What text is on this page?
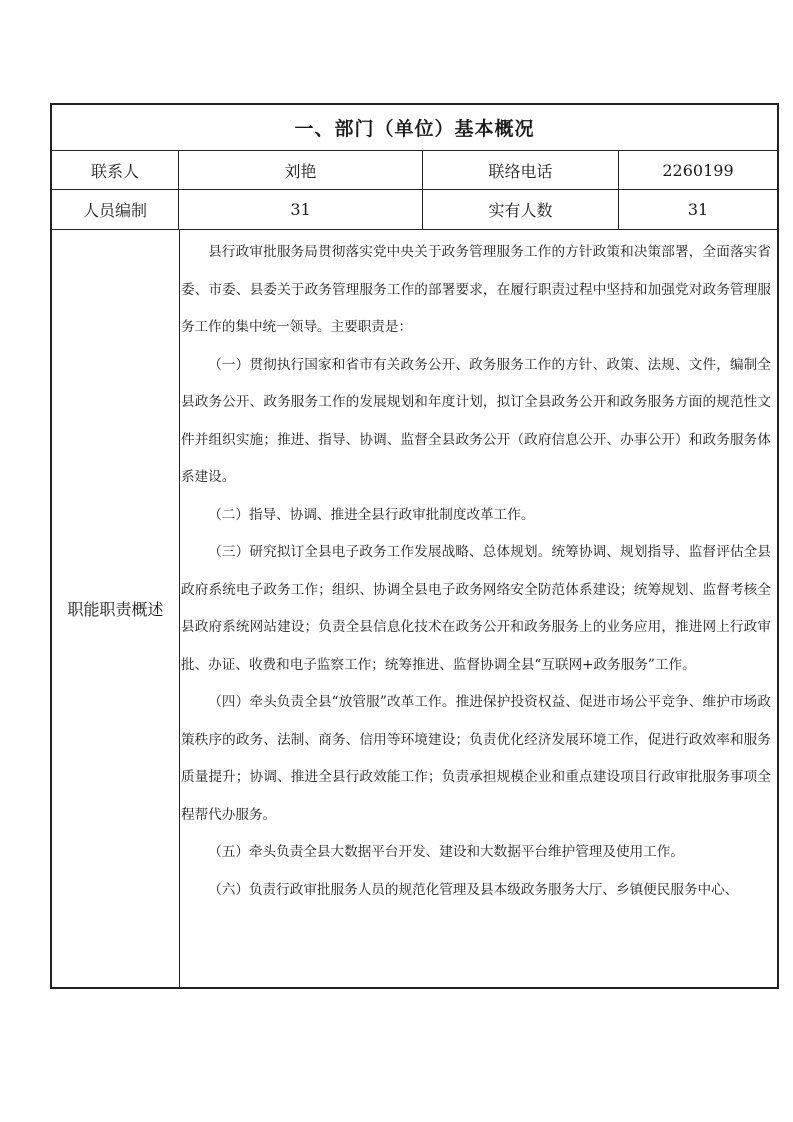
一、部门（单位）基本概况
联系人	刘艳	联络电话	2260199
人员编制	31	实有人数	31
职能职责概述

县行政审批服务局贯彻落实党中央关于政务管理服务工作的方针政策和决策部署，全面落实省委、市委、县委关于政务管理服务工作的部署要求，在履行职责过程中坚持和加强党对政务管理服务工作的集中统一领导。主要职责是：

（一）贯彻执行国家和省市有关政务公开、政务服务工作的方针、政策、法规、文件，编制全县政务公开、政务服务工作的发展规划和年度计划，拟订全县政务公开和政务服务方面的规范性文件并组织实施；推进、指导、协调、监督全县政务公开（政府信息公开、办事公开）和政务服务体系建设。

（二）指导、协调、推进全县行政审批制度改革工作。

（三）研究拟订全县电子政务工作发展战略、总体规划。统筹协调、规划指导、监督评估全县政府系统电子政务工作；组织、协调全县电子政务网络安全防范体系建设；统筹规划、监督考核全县政府系统网站建设；负责全县信息化技术在政务公开和政务服务上的业务应用，推进网上行政审批、办证、收费和电子监察工作；统筹推进、监督协调全县“互联网+政务服务”工作。

（四）牵头负责全县“放管服”改革工作。推进保护投资权益、促进市场公平竞争、维护市场政策秩序的政务、法制、商务、信用等环境建设；负责优化经济发展环境工作，促进行政效率和服务质量提升；协调、推进全县行政效能工作；负责承担规模企业和重点建设项目行政审批服务事项全程帮代办服务。

（五）牵头负责全县大数据平台开发、建设和大数据平台维护管理及使用工作。

（六）负责行政审批服务人员的规范化管理及县本级政务服务大厅、乡镇便民服务中心、
